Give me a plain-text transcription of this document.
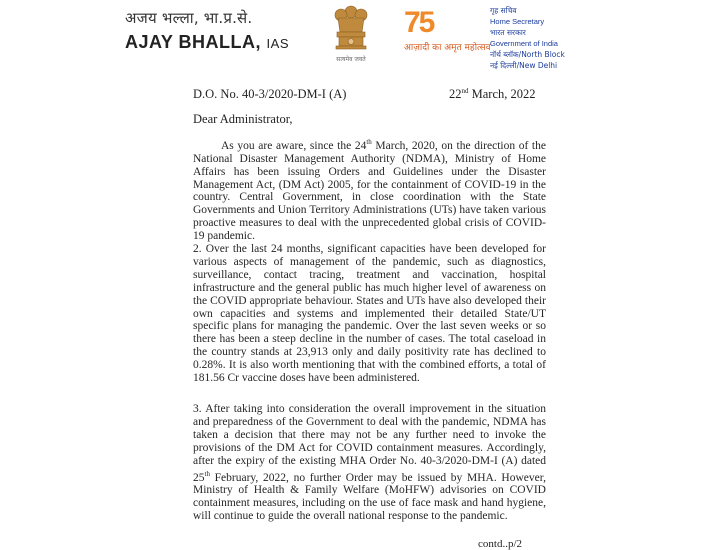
अजय भल्ला, भा.प्र.से.
AJAY BHALLA, IAS
सत्यमेव जयते
75
आज़ादी का अमृत महोत्सव
गृह सचिव
Home Secretary
भारत सरकार
Government of India
नॉर्थ ब्लॉक/North Block
नई दिल्ली/New Delhi
D.O. No. 40-3/2020-DM-I (A)	22nd March, 2022
Dear Administrator,
As you are aware, since the 24th March, 2020, on the direction of the National Disaster Management Authority (NDMA), Ministry of Home Affairs has been issuing Orders and Guidelines under the Disaster Management Act, (DM Act) 2005, for the containment of COVID-19 in the country. Central Government, in close coordination with the State Governments and Union Territory Administrations (UTs) have taken various proactive measures to deal with the unprecedented global crisis of COVID-19 pandemic.
2. Over the last 24 months, significant capacities have been developed for various aspects of management of the pandemic, such as diagnostics, surveillance, contact tracing, treatment and vaccination, hospital infrastructure and the general public has much higher level of awareness on the COVID appropriate behaviour. States and UTs have also developed their own capacities and systems and implemented their detailed State/UT specific plans for managing the pandemic. Over the last seven weeks or so there has been a steep decline in the number of cases. The total caseload in the country stands at 23,913 only and daily positivity rate has declined to 0.28%. It is also worth mentioning that with the combined efforts, a total of 181.56 Cr vaccine doses have been administered.
3. After taking into consideration the overall improvement in the situation and preparedness of the Government to deal with the pandemic, NDMA has taken a decision that there may not be any further need to invoke the provisions of the DM Act for COVID containment measures. Accordingly, after the expiry of the existing MHA Order No. 40-3/2020-DM-I (A) dated 25th February, 2022, no further Order may be issued by MHA. However, Ministry of Health & Family Welfare (MoHFW) advisories on COVID containment measures, including on the use of face mask and hand hygiene, will continue to guide the overall national response to the pandemic.
contd..p/2
